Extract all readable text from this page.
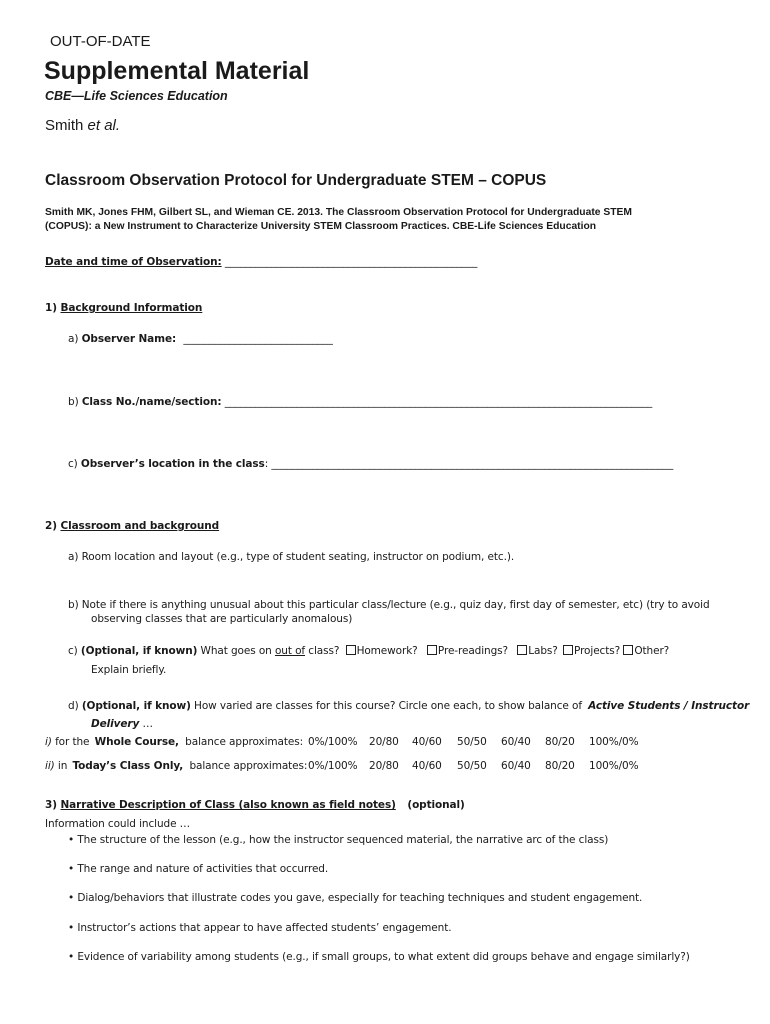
OUT-OF-DATE
Supplemental Material
CBE—Life Sciences Education
Smith et al.
Classroom Observation Protocol for Undergraduate STEM – COPUS
Smith MK, Jones FHM, Gilbert SL, and Wieman CE. 2013. The Classroom Observation Protocol for Undergraduate STEM
(COPUS): a New Instrument to Characterize University STEM Classroom Practices. CBE-Life Sciences Education
Date and time of Observation: _________________________________________________
1) Background Information
a) Observer Name: _____________________________
b) Class No./name/section: ___________________________________________________________________________________
c) Observer’s location in the class: ______________________________________________________________________________
2) Classroom and background
a) Room location and layout (e.g., type of student seating, instructor on podium, etc.).
b) Note if there is anything unusual about this particular class/lecture (e.g., quiz day, first day of semester, etc) (try to avoid
observing classes that are particularly anomalous)
c) (Optional, if known) What goes on out of class? Homework? Pre-readings? Labs? Projects? Other?
Explain briefly.
d) (Optional, if know) How varied are classes for this course? Circle one each, to show balance of Active Students / Instructor
Delivery …
i) for the Whole Course, balance approximates: 0%/100% 20/80 40/60 50/50 60/40 80/20 100%/0%
ii) in Today’s Class Only, balance approximates: 0%/100% 20/80 40/60 50/50 60/40 80/20 100%/0%
3) Narrative Description of Class (also known as field notes) (optional)
Information could include …
• The structure of the lesson (e.g., how the instructor sequenced material, the narrative arc of the class)
• The range and nature of activities that occurred.
• Dialog/behaviors that illustrate codes you gave, especially for teaching techniques and student engagement.
• Instructor’s actions that appear to have affected students’ engagement.
• Evidence of variability among students (e.g., if small groups, to what extent did groups behave and engage similarly?)
